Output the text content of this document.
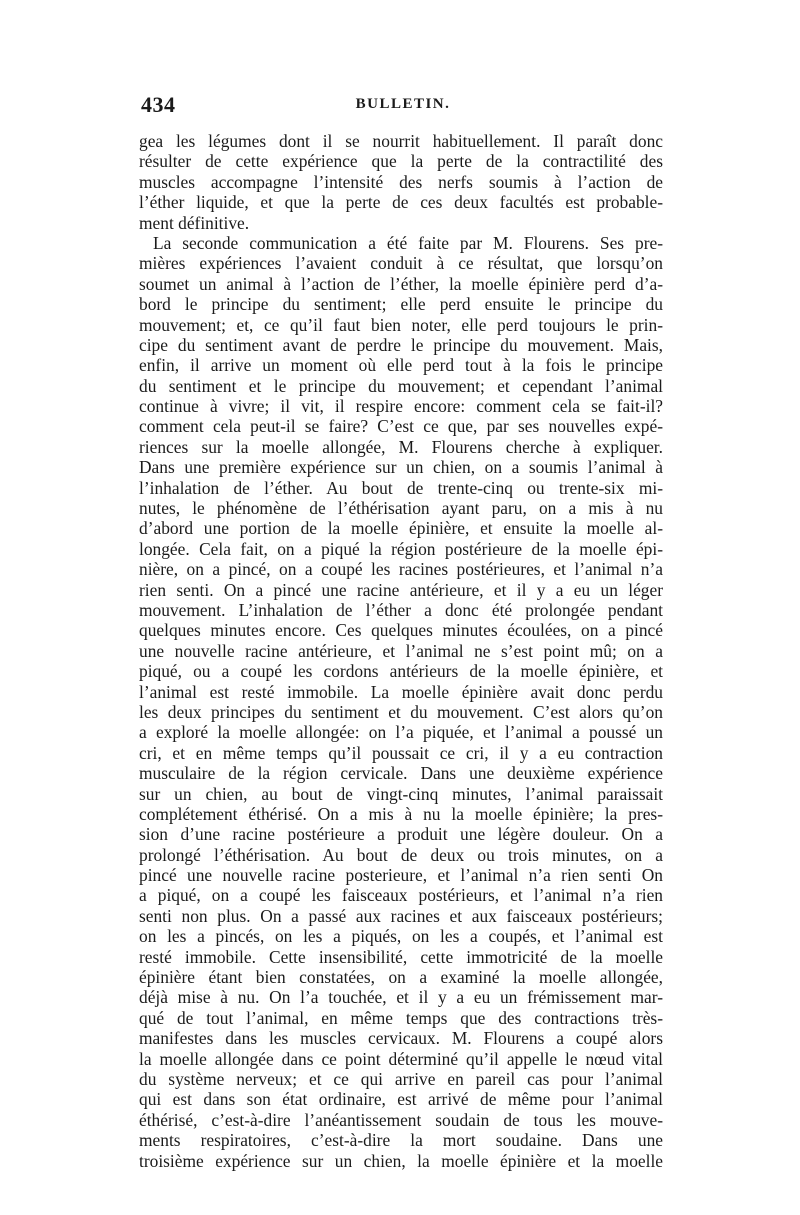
434	BULLETIN.
gea les légumes dont il se nourrit habituellement. Il paraît donc
résulter de cette expérience que la perte de la contractilité des
muscles accompagne l’intensité des nerfs soumis à l’action de
l’éther liquide, et que la perte de ces deux facultés est probable-
ment définitive.
La seconde communication a été faite par M. Flourens. Ses pre-
mières expériences l’avaient conduit à ce résultat, que lorsqu’on
soumet un animal à l’action de l’éther, la moelle épinière perd d’a-
bord le principe du sentiment; elle perd ensuite le principe du
mouvement; et, ce qu’il faut bien noter, elle perd toujours le prin-
cipe du sentiment avant de perdre le principe du mouvement. Mais,
enfin, il arrive un moment où elle perd tout à la fois le principe
du sentiment et le principe du mouvement; et cependant l’animal
continue à vivre; il vit, il respire encore: comment cela se fait-il?
comment cela peut-il se faire? C’est ce que, par ses nouvelles expé-
riences sur la moelle allongée, M. Flourens cherche à expliquer.
Dans une première expérience sur un chien, on a soumis l’animal à
l’inhalation de l’éther. Au bout de trente-cinq ou trente-six mi-
nutes, le phénomène de l’éthérisation ayant paru, on a mis à nu
d’abord une portion de la moelle épinière, et ensuite la moelle al-
longée. Cela fait, on a piqué la région postérieure de la moelle épi-
nière, on a pincé, on a coupé les racines postérieures, et l’animal n’a
rien senti. On a pincé une racine antérieure, et il y a eu un léger
mouvement. L’inhalation de l’éther a donc été prolongée pendant
quelques minutes encore. Ces quelques minutes écoulées, on a pincé
une nouvelle racine antérieure, et l’animal ne s’est point mû; on a
piqué, ou a coupé les cordons antérieurs de la moelle épinière, et
l’animal est resté immobile. La moelle épinière avait donc perdu
les deux principes du sentiment et du mouvement. C’est alors qu’on
a exploré la moelle allongée: on l’a piquée, et l’animal a poussé un
cri, et en même temps qu’il poussait ce cri, il y a eu contraction
musculaire de la région cervicale. Dans une deuxième expérience
sur un chien, au bout de vingt-cinq minutes, l’animal paraissait
complétement éthérisé. On a mis à nu la moelle épinière; la pres-
sion d’une racine postérieure a produit une légère douleur. On a
prolongé l’éthérisation. Au bout de deux ou trois minutes, on a
pincé une nouvelle racine posterieure, et l’animal n’a rien senti On
a piqué, on a coupé les faisceaux postérieurs, et l’animal n’a rien
senti non plus. On a passé aux racines et aux faisceaux postérieurs;
on les a pincés, on les a piqués, on les a coupés, et l’animal est
resté immobile. Cette insensibilité, cette immotricité de la moelle
épinière étant bien constatées, on a examiné la moelle allongée,
déjà mise à nu. On l’a touchée, et il y a eu un frémissement mar-
qué de tout l’animal, en même temps que des contractions très-
manifestes dans les muscles cervicaux. M. Flourens a coupé alors
la moelle allongée dans ce point déterminé qu’il appelle le nœud vital
du système nerveux; et ce qui arrive en pareil cas pour l’animal
qui est dans son état ordinaire, est arrivé de même pour l’animal
éthérisé, c’est-à-dire l’anéantissement soudain de tous les mouve-
ments respiratoires, c’est-à-dire la mort soudaine. Dans une
troisième expérience sur un chien, la moelle épinière et la moelle
